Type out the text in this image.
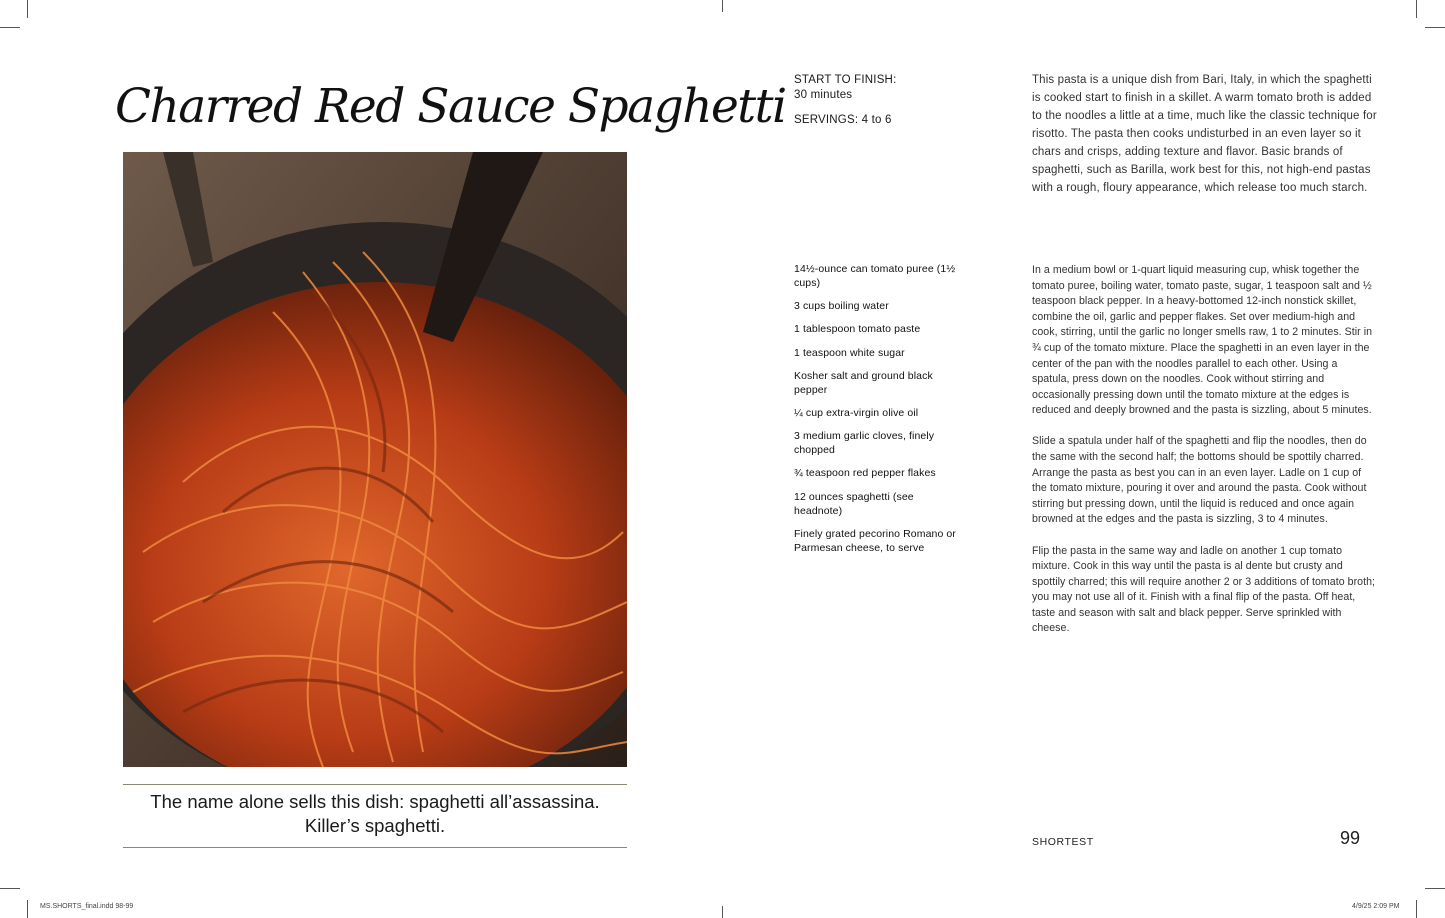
Charred Red Sauce Spaghetti
The name alone sells this dish: spaghetti all’assassina.
Killer’s spaghetti.
START TO FINISH:
30 minutes
SERVINGS: 4 to 6
This pasta is a unique dish from Bari, Italy, in which the spaghetti is cooked start to finish in a skillet. A warm tomato broth is added to the noodles a little at a time, much like the classic technique for risotto. The pasta then cooks undisturbed in an even layer so it chars and crisps, adding texture and flavor. Basic brands of spaghetti, such as Barilla, work best for this, not high-end pastas with a rough, floury appearance, which release too much starch.
14½-ounce can tomato puree (1½ cups)
3 cups boiling water
1 tablespoon tomato paste
1 teaspoon white sugar
Kosher salt and ground black pepper
¼ cup extra-virgin olive oil
3 medium garlic cloves, finely chopped
¾ teaspoon red pepper flakes
12 ounces spaghetti (see headnote)
Finely grated pecorino Romano or Parmesan cheese, to serve

In a medium bowl or 1-quart liquid measuring cup, whisk together the tomato puree, boiling water, tomato paste, sugar, 1 teaspoon salt and ½ teaspoon black pepper. In a heavy-bottomed 12-inch nonstick skillet, combine the oil, garlic and pepper flakes. Set over medium-high and cook, stirring, until the garlic no longer smells raw, 1 to 2 minutes. Stir in ¾ cup of the tomato mixture. Place the spaghetti in an even layer in the center of the pan with the noodles parallel to each other. Using a spatula, press down on the noodles. Cook without stirring and occasionally pressing down until the tomato mixture at the edges is reduced and deeply browned and the pasta is sizzling, about 5 minutes.

Slide a spatula under half of the spaghetti and flip the noodles, then do the same with the second half; the bottoms should be spottily charred. Arrange the pasta as best you can in an even layer. Ladle on 1 cup of the tomato mixture, pouring it over and around the pasta. Cook without stirring but pressing down, until the liquid is reduced and once again browned at the edges and the pasta is sizzling, 3 to 4 minutes.

Flip the pasta in the same way and ladle on another 1 cup tomato mixture. Cook in this way until the pasta is al dente but crusty and spottily charred; this will require another 2 or 3 additions of tomato broth; you may not use all of it. Finish with a final flip of the pasta. Off heat, taste and season with salt and black pepper. Serve sprinkled with cheese.

SHORTEST	99
MS.SHORTS_final.indd 98-99	4/9/25 2:09 PM
